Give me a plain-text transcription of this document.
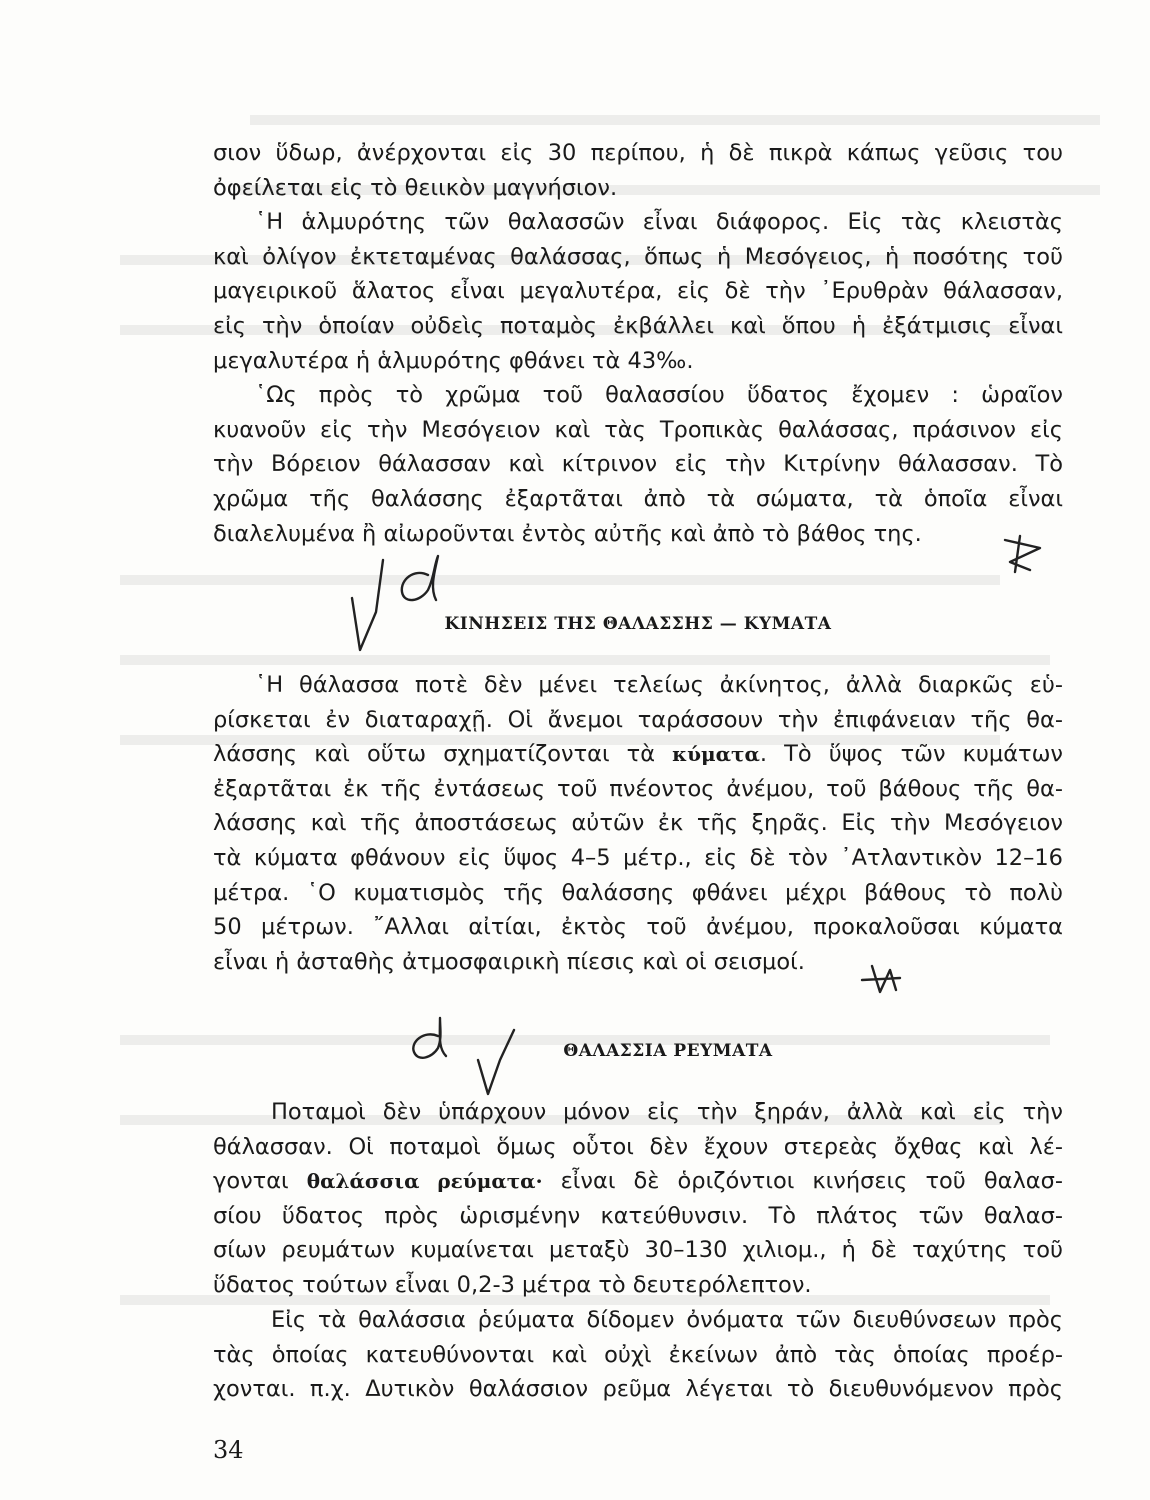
σιον ὕδωρ, ἀνέρχονται εἰς 30 περίπου, ἡ δὲ πικρὰ κάπως γεῦσις του
ὀφείλεται εἰς τὸ θειικὸν μαγνήσιον.
῾Η ἁλμυρότης τῶν θαλασσῶν εἶναι διάφορος. Εἰς τὰς κλειστὰς
καὶ ὀλίγον ἐκτεταμένας θαλάσσας, ὅπως ἡ Μεσόγειος, ἡ ποσότης τοῦ
μαγειρικοῦ ἅλατος εἶναι μεγαλυτέρα, εἰς δὲ τὴν ᾿Ερυθρὰν θάλασσαν,
εἰς τὴν ὁποίαν οὐδεὶς ποταμὸς ἐκβάλλει καὶ ὅπου ἡ ἐξάτμισις εἶναι
μεγαλυτέρα ἡ ἁλμυρότης φθάνει τὰ 43‰.
῾Ως πρὸς τὸ χρῶμα τοῦ θαλασσίου ὕδατος ἔχομεν : ὡραῖον
κυανοῦν εἰς τὴν Μεσόγειον καὶ τὰς Τροπικὰς θαλάσσας, πράσινον εἰς
τὴν Βόρειον θάλασσαν καὶ κίτρινον εἰς τὴν Κιτρίνην θάλασσαν. Τὸ
χρῶμα τῆς θαλάσσης ἐξαρτᾶται ἀπὸ τὰ σώματα, τὰ ὁποῖα εἶναι
διαλελυμένα ἢ αἰωροῦνται ἐντὸς αὐτῆς καὶ ἀπὸ τὸ βάθος της.
ΚΙΝΗΣΕΙΣ ΤΗΣ ΘΑΛΑΣΣΗΣ — ΚΥΜΑΤΑ
῾Η θάλασσα ποτὲ δὲν μένει τελείως ἀκίνητος, ἀλλὰ διαρκῶς εὑ-
ρίσκεται ἐν διαταραχῇ. Οἱ ἄνεμοι ταράσσουν τὴν ἐπιφάνειαν τῆς θα-
λάσσης καὶ οὕτω σχηματίζονται τὰ κύματα. Τὸ ὕψος τῶν κυμάτων
ἐξαρτᾶται ἐκ τῆς ἐντάσεως τοῦ πνέοντος ἀνέμου, τοῦ βάθους τῆς θα-
λάσσης καὶ τῆς ἀποστάσεως αὐτῶν ἐκ τῆς ξηρᾶς. Εἰς τὴν Μεσόγειον
τὰ κύματα φθάνουν εἰς ὕψος 4–5 μέτρ., εἰς δὲ τὸν ᾿Ατλαντικὸν 12–16
μέτρα. ῾Ο κυματισμὸς τῆς θαλάσσης φθάνει μέχρι βάθους τὸ πολὺ
50 μέτρων. ῎Αλλαι αἰτίαι, ἐκτὸς τοῦ ἀνέμου, προκαλοῦσαι κύματα
εἶναι ἡ ἀσταθὴς ἀτμοσφαιρικὴ πίεσις καὶ οἱ σεισμοί.
ΘΑΛΑΣΣΙΑ ΡΕΥΜΑΤΑ
Ποταμοὶ δὲν ὑπάρχουν μόνον εἰς τὴν ξηράν, ἀλλὰ καὶ εἰς τὴν
θάλασσαν. Οἱ ποταμοὶ ὅμως οὗτοι δὲν ἔχουν στερεὰς ὄχθας καὶ λέ-
γονται θαλάσσια ρεύματα· εἶναι δὲ ὁριζόντιοι κινήσεις τοῦ θαλασ-
σίου ὕδατος πρὸς ὡρισμένην κατεύθυνσιν. Τὸ πλάτος τῶν θαλασ-
σίων ρευμάτων κυμαίνεται μεταξὺ 30–130 χιλιομ., ἡ δὲ ταχύτης τοῦ
ὕδατος τούτων εἶναι 0,2-3 μέτρα τὸ δευτερόλεπτον.
Εἰς τὰ θαλάσσια ῥεύματα δίδομεν ὀνόματα τῶν διευθύνσεων πρὸς
τὰς ὁποίας κατευθύνονται καὶ οὐχὶ ἐκείνων ἀπὸ τὰς ὁποίας προέρ-
χονται. π.χ. Δυτικὸν θαλάσσιον ρεῦμα λέγεται τὸ διευθυνόμενον πρὸς
34
